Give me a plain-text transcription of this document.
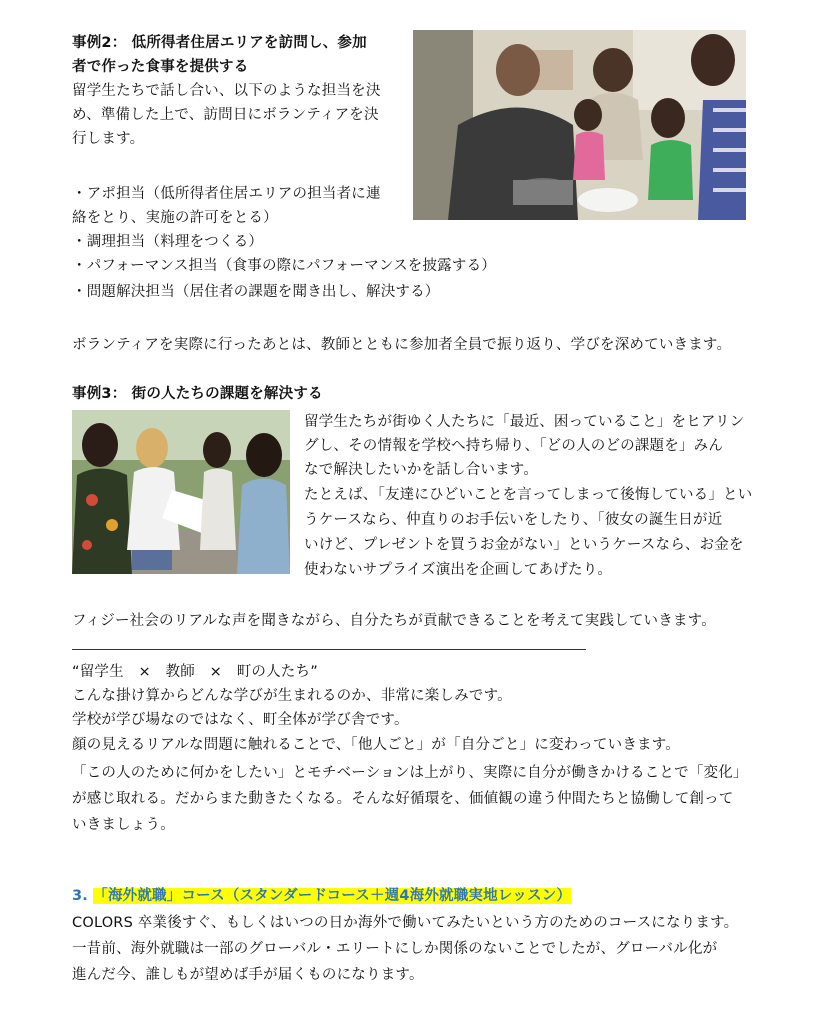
事例2： 低所得者住居エリアを訪問し、参加
者で作った食事を提供する
留学生たちで話し合い、以下のような担当を決
め、準備した上で、訪問日にボランティアを決
行します。
・アポ担当（低所得者住居エリアの担当者に連
絡をとり、実施の許可をとる）
・調理担当（料理をつくる）
・パフォーマンス担当（食事の際にパフォーマンスを披露する）
・問題解決担当（居住者の課題を聞き出し、解決する）
ボランティアを実際に行ったあとは、教師とともに参加者全員で振り返り、学びを深めていきます。
事例3： 街の人たちの課題を解決する
留学生たちが街ゆく人たちに「最近、困っていること」をヒアリン
グし、その情報を学校へ持ち帰り、「どの人のどの課題を」みん
なで解決したいかを話し合います。
たとえば、「友達にひどいことを言ってしまって後悔している」とい
うケースなら、仲直りのお手伝いをしたり、「彼女の誕生日が近
いけど、プレゼントを買うお金がない」というケースなら、お金を
使わないサプライズ演出を企画してあげたり。
フィジー社会のリアルな声を聞きながら、自分たちが貢献できることを考えて実践していきます。
“留学生　×　教師　×　町の人たち”
こんな掛け算からどんな学びが生まれるのか、非常に楽しみです。
学校が学び場なのではなく、町全体が学び舎です。
顔の見えるリアルな問題に触れることで、「他人ごと」が「自分ごと」に変わっていきます。
「この人のために何かをしたい」とモチベーションは上がり、実際に自分が働きかけることで「変化」
が感じ取れる。だからまた動きたくなる。そんな好循環を、価値観の違う仲間たちと協働して創って
いきましょう。
3. 「海外就職」コース（スタンダードコース＋週4海外就職実地レッスン）
COLORS 卒業後すぐ、もしくはいつの日か海外で働いてみたいという方のためのコースになります。
一昔前、海外就職は一部のグローバル・エリートにしか関係のないことでしたが、グローバル化が
進んだ今、誰しもが望めば手が届くものになります。
